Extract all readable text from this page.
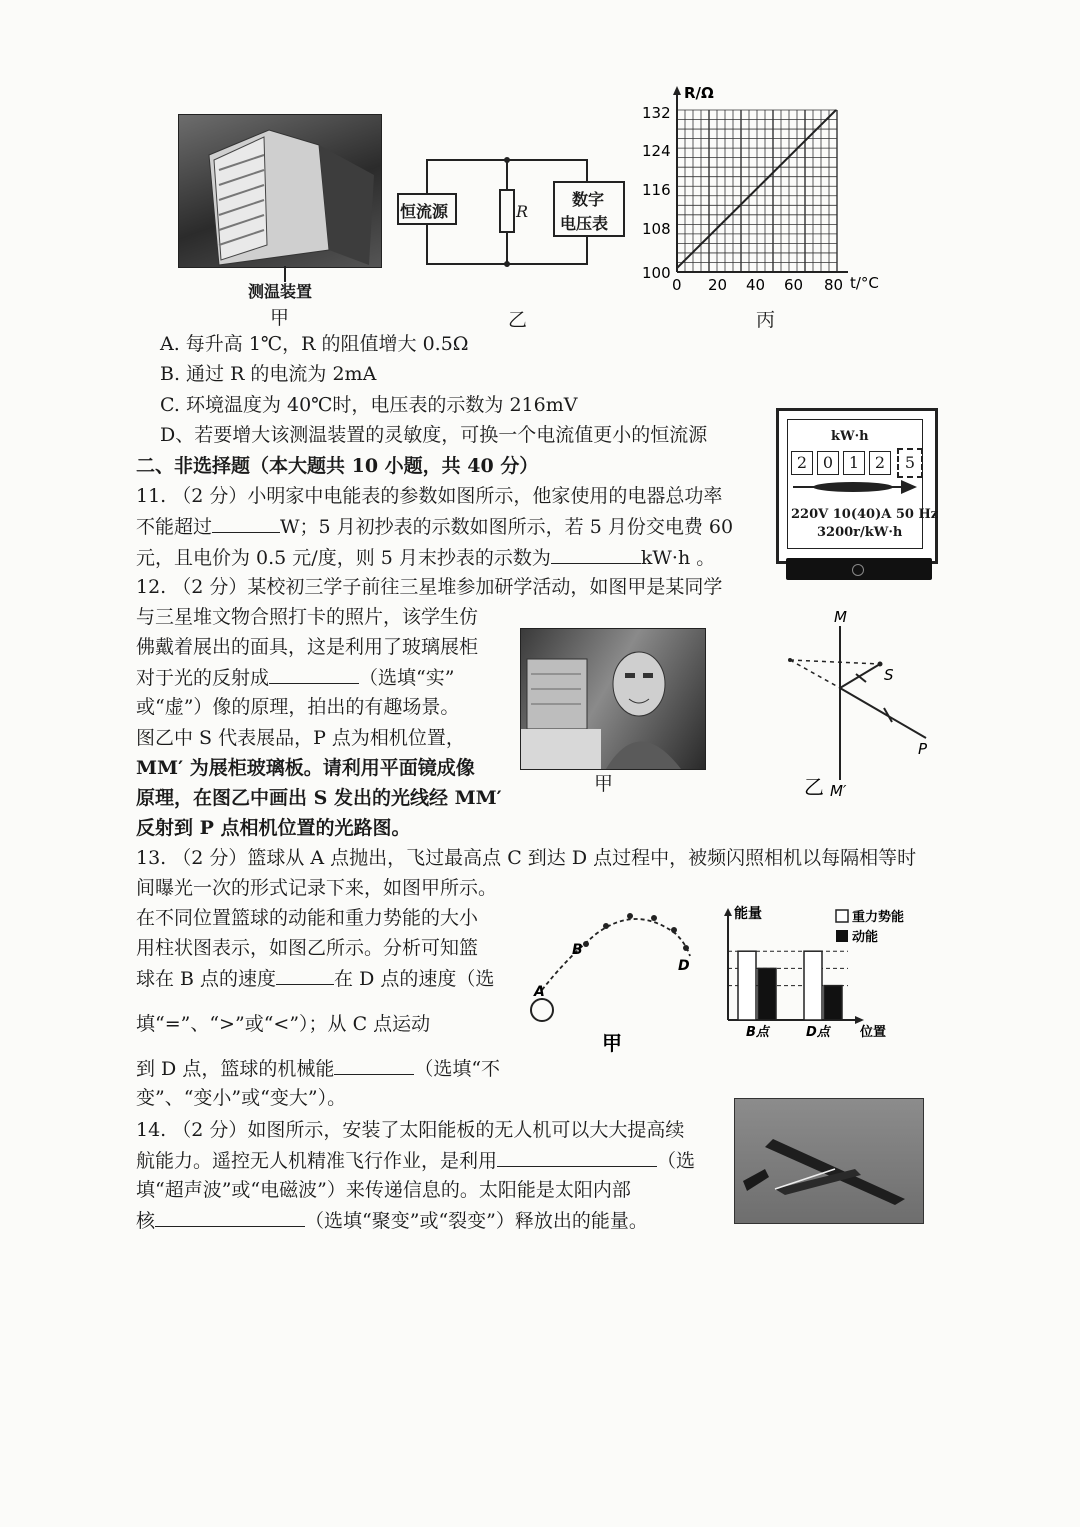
测温装置
甲
恒流源	R
数字
电压表
乙
R/Ω
t/°C
132
124
116
108
100
0 20 40 60 80
丙
A. 每升高 1℃，R 的阻值增大 0.5Ω
B. 通过 R 的电流为 2mA
C. 环境温度为 40℃时，电压表的示数为 216mV
D、若要增大该测温装置的灵敏度，可换一个电流值更小的恒流源
二、非选择题（本大题共 10 小题，共 40 分）
kW·h
2 0 1 2	5
220V 10(40)A 50 Hz
3200r/kW·h
11. （2 分）小明家中电能表的参数如图所示，他家使用的电器总功率
不能超过	W；5 月初抄表的示数如图所示，若 5 月份交电费 60
元，且电价为 0.5 元/度，则 5 月末抄表的示数为	kW·h 。
12. （2 分）某校初三学子前往三星堆参加研学活动，如图甲是某同学
与三星堆文物合照打卡的照片，该学生仿
佛戴着展出的面具，这是利用了玻璃展柜
对于光的反射成	（选填“实”
或“虚”）像的原理，拍出的有趣场景。
图乙中 S 代表展品，P 点为相机位置，
MM′ 为展柜玻璃板。请利用平面镜成像
原理，在图乙中画出 S 发出的光线经 MM′
反射到 P 点相机位置的光路图。
甲
M
S
P
M′
乙
13. （2 分）篮球从 A 点抛出，飞过最高点 C 到达 D 点过程中，被频闪照相机以每隔相等时
间曝光一次的形式记录下来，如图甲所示。
在不同位置篮球的动能和重力势能的大小
用柱状图表示，如图乙所示。分析可知篮
球在 B 点的速度	在 D 点的速度（选
填“=”、“>”或“<”）；从 C 点运动
到 D 点，篮球的机械能	（选填“不
变”、“变小”或“变大”）。
A
B
D
甲
能量	重力势能
动能
B点	D点 位置
14. （2 分）如图所示，安装了太阳能板的无人机可以大大提高续
航能力。遥控无人机精准飞行作业，是利用	（选
填“超声波”或“电磁波”）来传递信息的。太阳能是太阳内部
核	（选填“聚变”或“裂变”）释放出的能量。
